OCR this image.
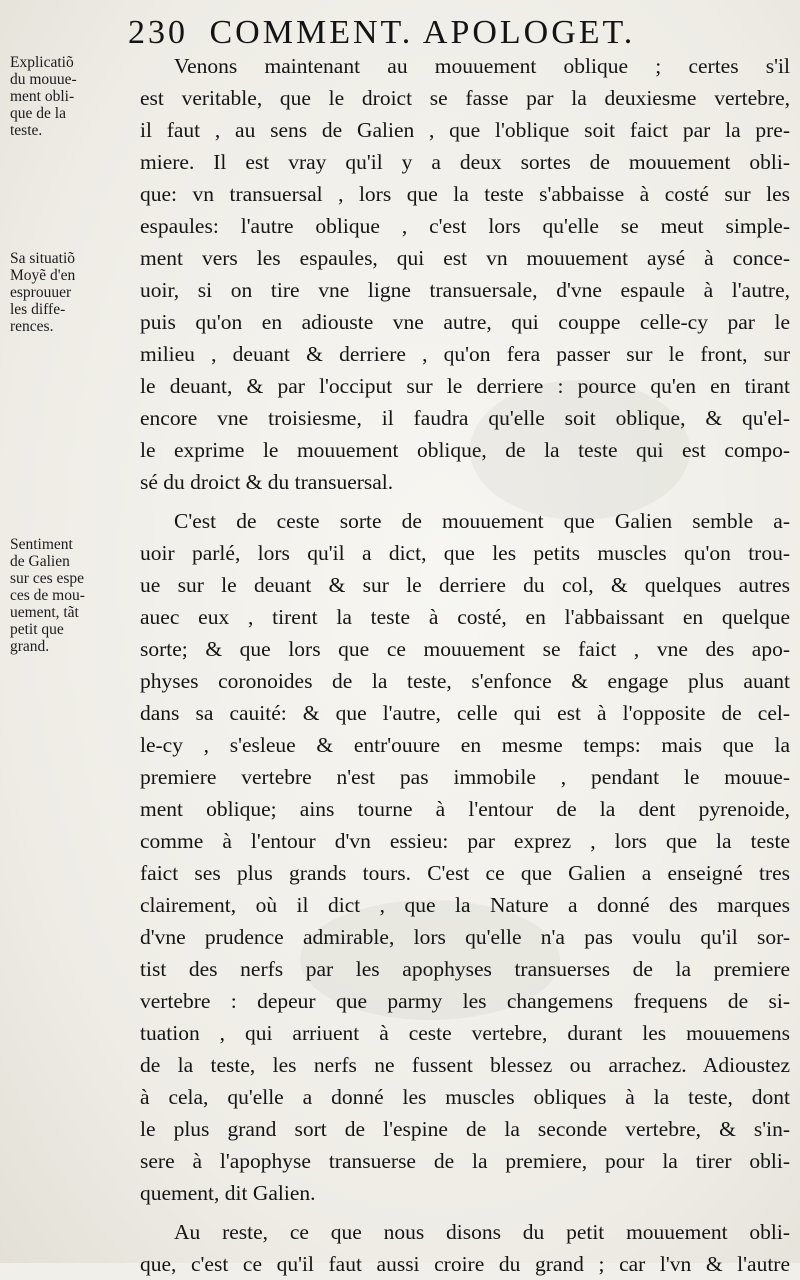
230 COMMENT. APOLOGET.
Explicatiõ
du mouue-
ment obli-
que de la
teste.
Sa situatiõ
Moyẽ d'en
esprouuer
les diffe-
rences.
Sentiment
de Galien
sur ces espe
ces de mou-
uement, tãt
petit que
grand.
Venons maintenant au mouuement oblique ; certes s'il
est veritable, que le droict se fasse par la deuxiesme vertebre,
il faut , au sens de Galien , que l'oblique soit faict par la pre-
miere. Il est vray qu'il y a deux sortes de mouuement obli-
que: vn transuersal , lors que la teste s'abbaisse à costé sur les
espaules: l'autre oblique , c'est lors qu'elle se meut simple-
ment vers les espaules, qui est vn mouuement aysé à conce-
uoir, si on tire vne ligne transuersale, d'vne espaule à l'autre,
puis qu'on en adiouste vne autre, qui couppe celle-cy par le
milieu , deuant & derriere , qu'on fera passer sur le front, sur
le deuant, & par l'occiput sur le derriere : pource qu'en en tirant
encore vne troisiesme, il faudra qu'elle soit oblique, & qu'el-
le exprime le mouuement oblique, de la teste qui est compo-
sé du droict & du transuersal.
C'est de ceste sorte de mouuement que Galien semble a-
uoir parlé, lors qu'il a dict, que les petits muscles qu'on trou-
ue sur le deuant & sur le derriere du col, & quelques autres
auec eux , tirent la teste à costé, en l'abbaissant en quelque
sorte; & que lors que ce mouuement se faict , vne des apo-
physes coronoides de la teste, s'enfonce & engage plus auant
dans sa cauité: & que l'autre, celle qui est à l'opposite de cel-
le-cy , s'esleue & entr'ouure en mesme temps: mais que la
premiere vertebre n'est pas immobile , pendant le mouue-
ment oblique; ains tourne à l'entour de la dent pyrenoide,
comme à l'entour d'vn essieu: par exprez , lors que la teste
faict ses plus grands tours. C'est ce que Galien a enseigné tres
clairement, où il dict , que la Nature a donné des marques
d'vne prudence admirable, lors qu'elle n'a pas voulu qu'il sor-
tist des nerfs par les apophyses transuerses de la premiere
vertebre : depeur que parmy les changemens frequens de si-
tuation , qui arriuent à ceste vertebre, durant les mouuemens
de la teste, les nerfs ne fussent blessez ou arrachez. Adioustez
à cela, qu'elle a donné les muscles obliques à la teste, dont
le plus grand sort de l'espine de la seconde vertebre, & s'in-
sere à l'apophyse transuerse de la premiere, pour la tirer obli-
quement, dit Galien.
Au reste, ce que nous disons du petit mouuement obli-
que, c'est ce qu'il faut aussi croire du grand ; car l'vn & l'autre
